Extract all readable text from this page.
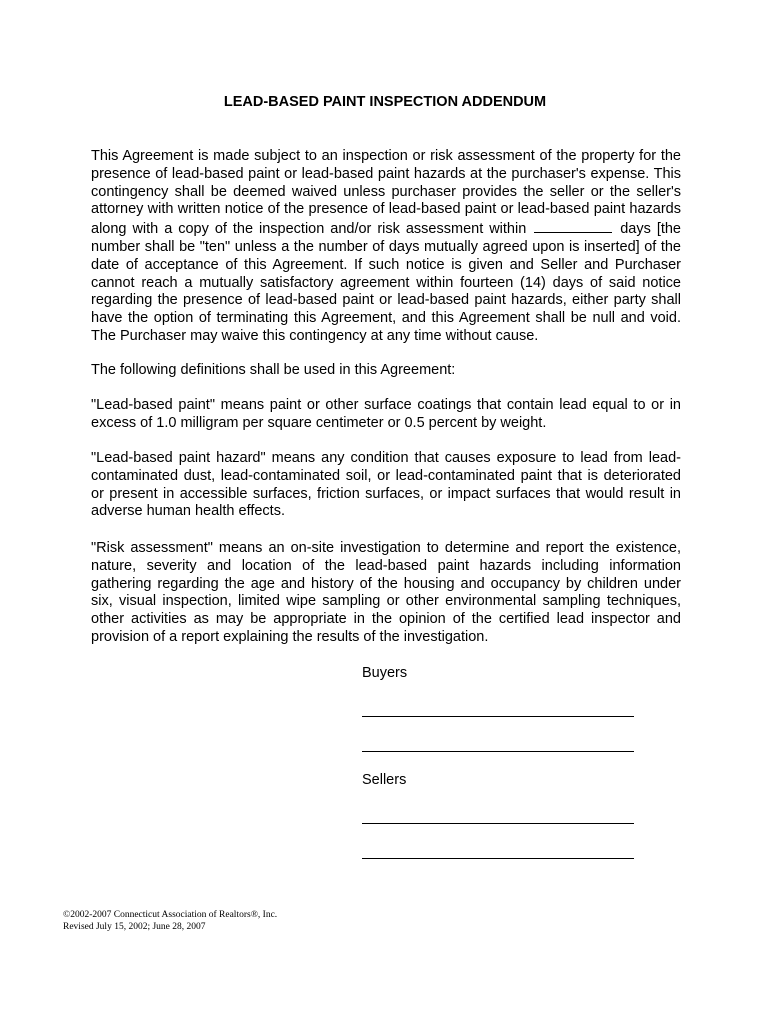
LEAD-BASED PAINT INSPECTION ADDENDUM
This Agreement is made subject to an inspection or risk assessment of the property for the presence of lead-based paint or lead-based paint hazards at the purchaser's expense. This contingency shall be deemed waived unless purchaser provides the seller or the seller's attorney with written notice of the presence of lead-based paint or lead-based paint hazards along with a copy of the inspection and/or risk assessment within	days [the number shall be "ten" unless a the number of days mutually agreed upon is inserted] of the date of acceptance of this Agreement. If such notice is given and Seller and Purchaser cannot reach a mutually satisfactory agreement within fourteen (14) days of said notice regarding the presence of lead-based paint or lead-based paint hazards, either party shall have the option of terminating this Agreement, and this Agreement shall be null and void. The Purchaser may waive this contingency at any time without cause.
The following definitions shall be used in this Agreement:
"Lead-based paint" means paint or other surface coatings that contain lead equal to or in excess of 1.0 milligram per square centimeter or 0.5 percent by weight.
"Lead-based paint hazard" means any condition that causes exposure to lead from lead-contaminated dust, lead-contaminated soil, or lead-contaminated paint that is deteriorated or present in accessible surfaces, friction surfaces, or impact surfaces that would result in adverse human health effects.
"Risk assessment" means an on-site investigation to determine and report the existence, nature, severity and location of the lead-based paint hazards including information gathering regarding the age and history of the housing and occupancy by children under six, visual inspection, limited wipe sampling or other environmental sampling techniques, other activities as may be appropriate in the opinion of the certified lead inspector and provision of a report explaining the results of the investigation.
Buyers
Sellers
©2002-2007 Connecticut Association of Realtors®, Inc.
Revised July 15, 2002; June 28, 2007
